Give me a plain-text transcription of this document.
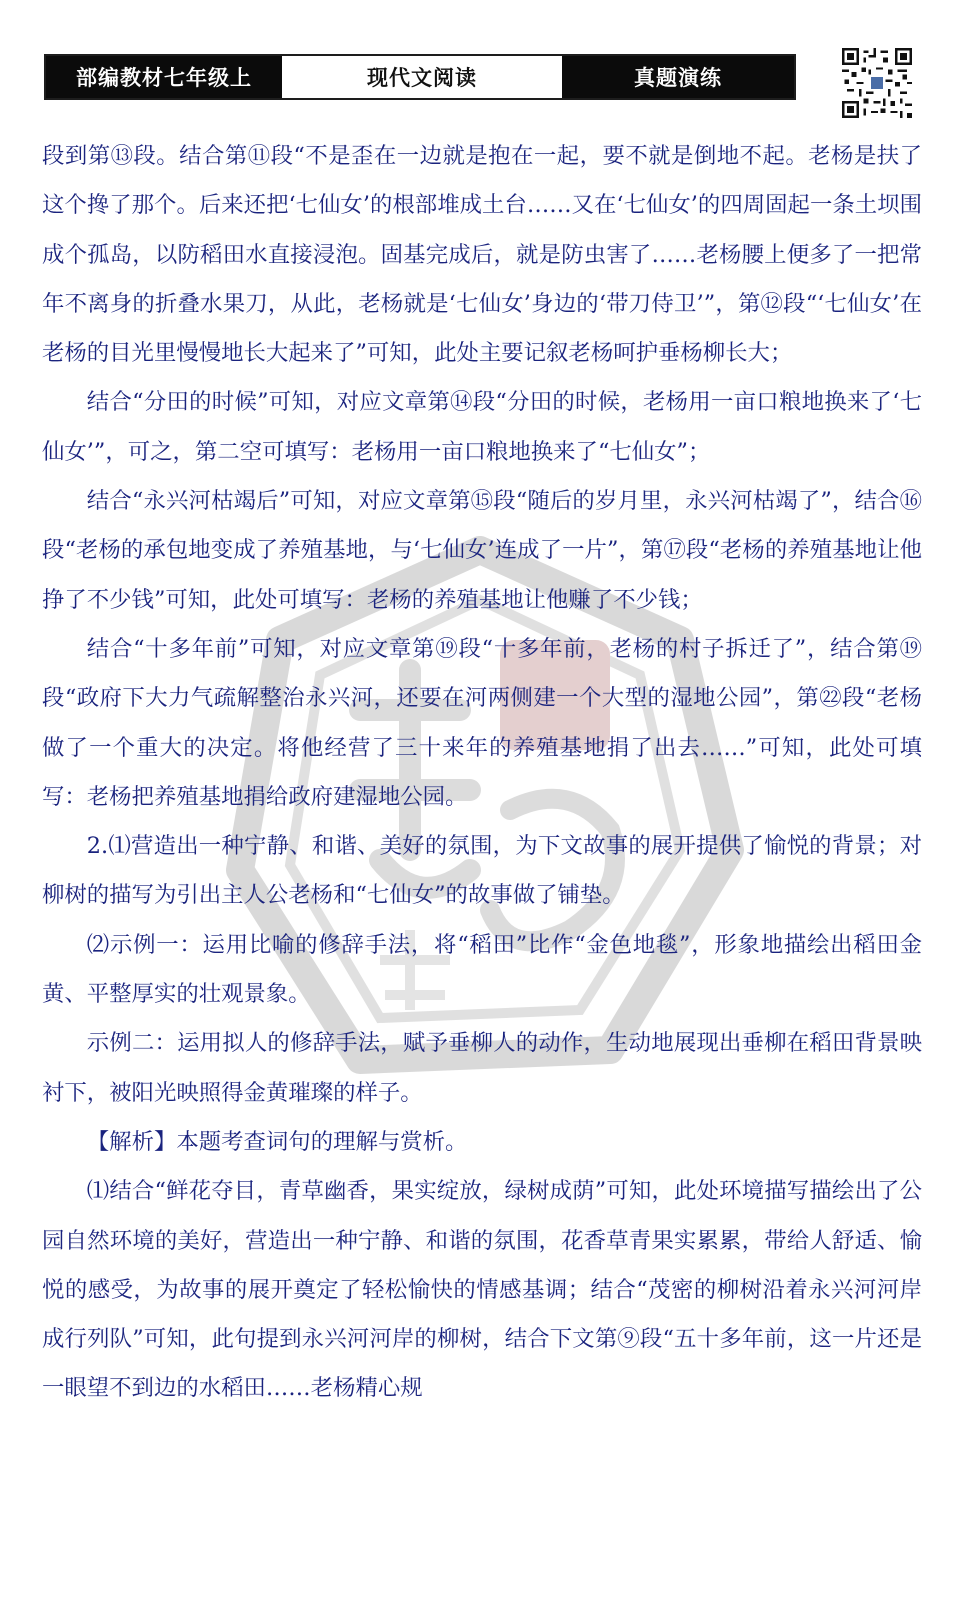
部编教材七年级上	现代文阅读	真题演练

段到第⑬段。结合第⑪段“不是歪在一边就是抱在一起，要不就是倒地不起。老杨是扶了这个搀了那个。后来还把‘七仙女’的根部堆成土台……又在‘七仙女’的四周固起一条土坝围成个孤岛，以防稻田水直接浸泡。固基完成后，就是防虫害了……老杨腰上便多了一把常年不离身的折叠水果刀，从此，老杨就是‘七仙女’身边的‘带刀侍卫’”，第⑫段“‘七仙女’在老杨的目光里慢慢地长大起来了”可知，此处主要记叙老杨呵护垂杨柳长大；

结合“分田的时候”可知，对应文章第⑭段“分田的时候，老杨用一亩口粮地换来了‘七仙女’”，可之，第二空可填写：老杨用一亩口粮地换来了“七仙女”；

结合“永兴河枯竭后”可知，对应文章第⑮段“随后的岁月里，永兴河枯竭了”，结合⑯段“老杨的承包地变成了养殖基地，与‘七仙女’连成了一片”，第⑰段“老杨的养殖基地让他挣了不少钱”可知，此处可填写：老杨的养殖基地让他赚了不少钱；

结合“十多年前”可知，对应文章第⑲段“十多年前，老杨的村子拆迁了”，结合第⑲段“政府下大力气疏解整治永兴河，还要在河两侧建一个大型的湿地公园”，第㉒段“老杨做了一个重大的决定。将他经营了三十来年的养殖基地捐了出去……”可知，此处可填写：老杨把养殖基地捐给政府建湿地公园。

2.⑴营造出一种宁静、和谐、美好的氛围，为下文故事的展开提供了愉悦的背景；对柳树的描写为引出主人公老杨和“七仙女”的故事做了铺垫。

⑵示例一：运用比喻的修辞手法，将“稻田”比作“金色地毯”，形象地描绘出稻田金黄、平整厚实的壮观景象。

示例二：运用拟人的修辞手法，赋予垂柳人的动作，生动地展现出垂柳在稻田背景映衬下，被阳光映照得金黄璀璨的样子。

【解析】本题考查词句的理解与赏析。

⑴结合“鲜花夺目，青草幽香，果实绽放，绿树成荫”可知，此处环境描写描绘出了公园自然环境的美好，营造出一种宁静、和谐的氛围，花香草青果实累累，带给人舒适、愉悦的感受，为故事的展开奠定了轻松愉快的情感基调；结合“茂密的柳树沿着永兴河河岸成行列队”可知，此句提到永兴河河岸的柳树，结合下文第⑨段“五十多年前，这一片还是一眼望不到边的水稻田……老杨精心规
